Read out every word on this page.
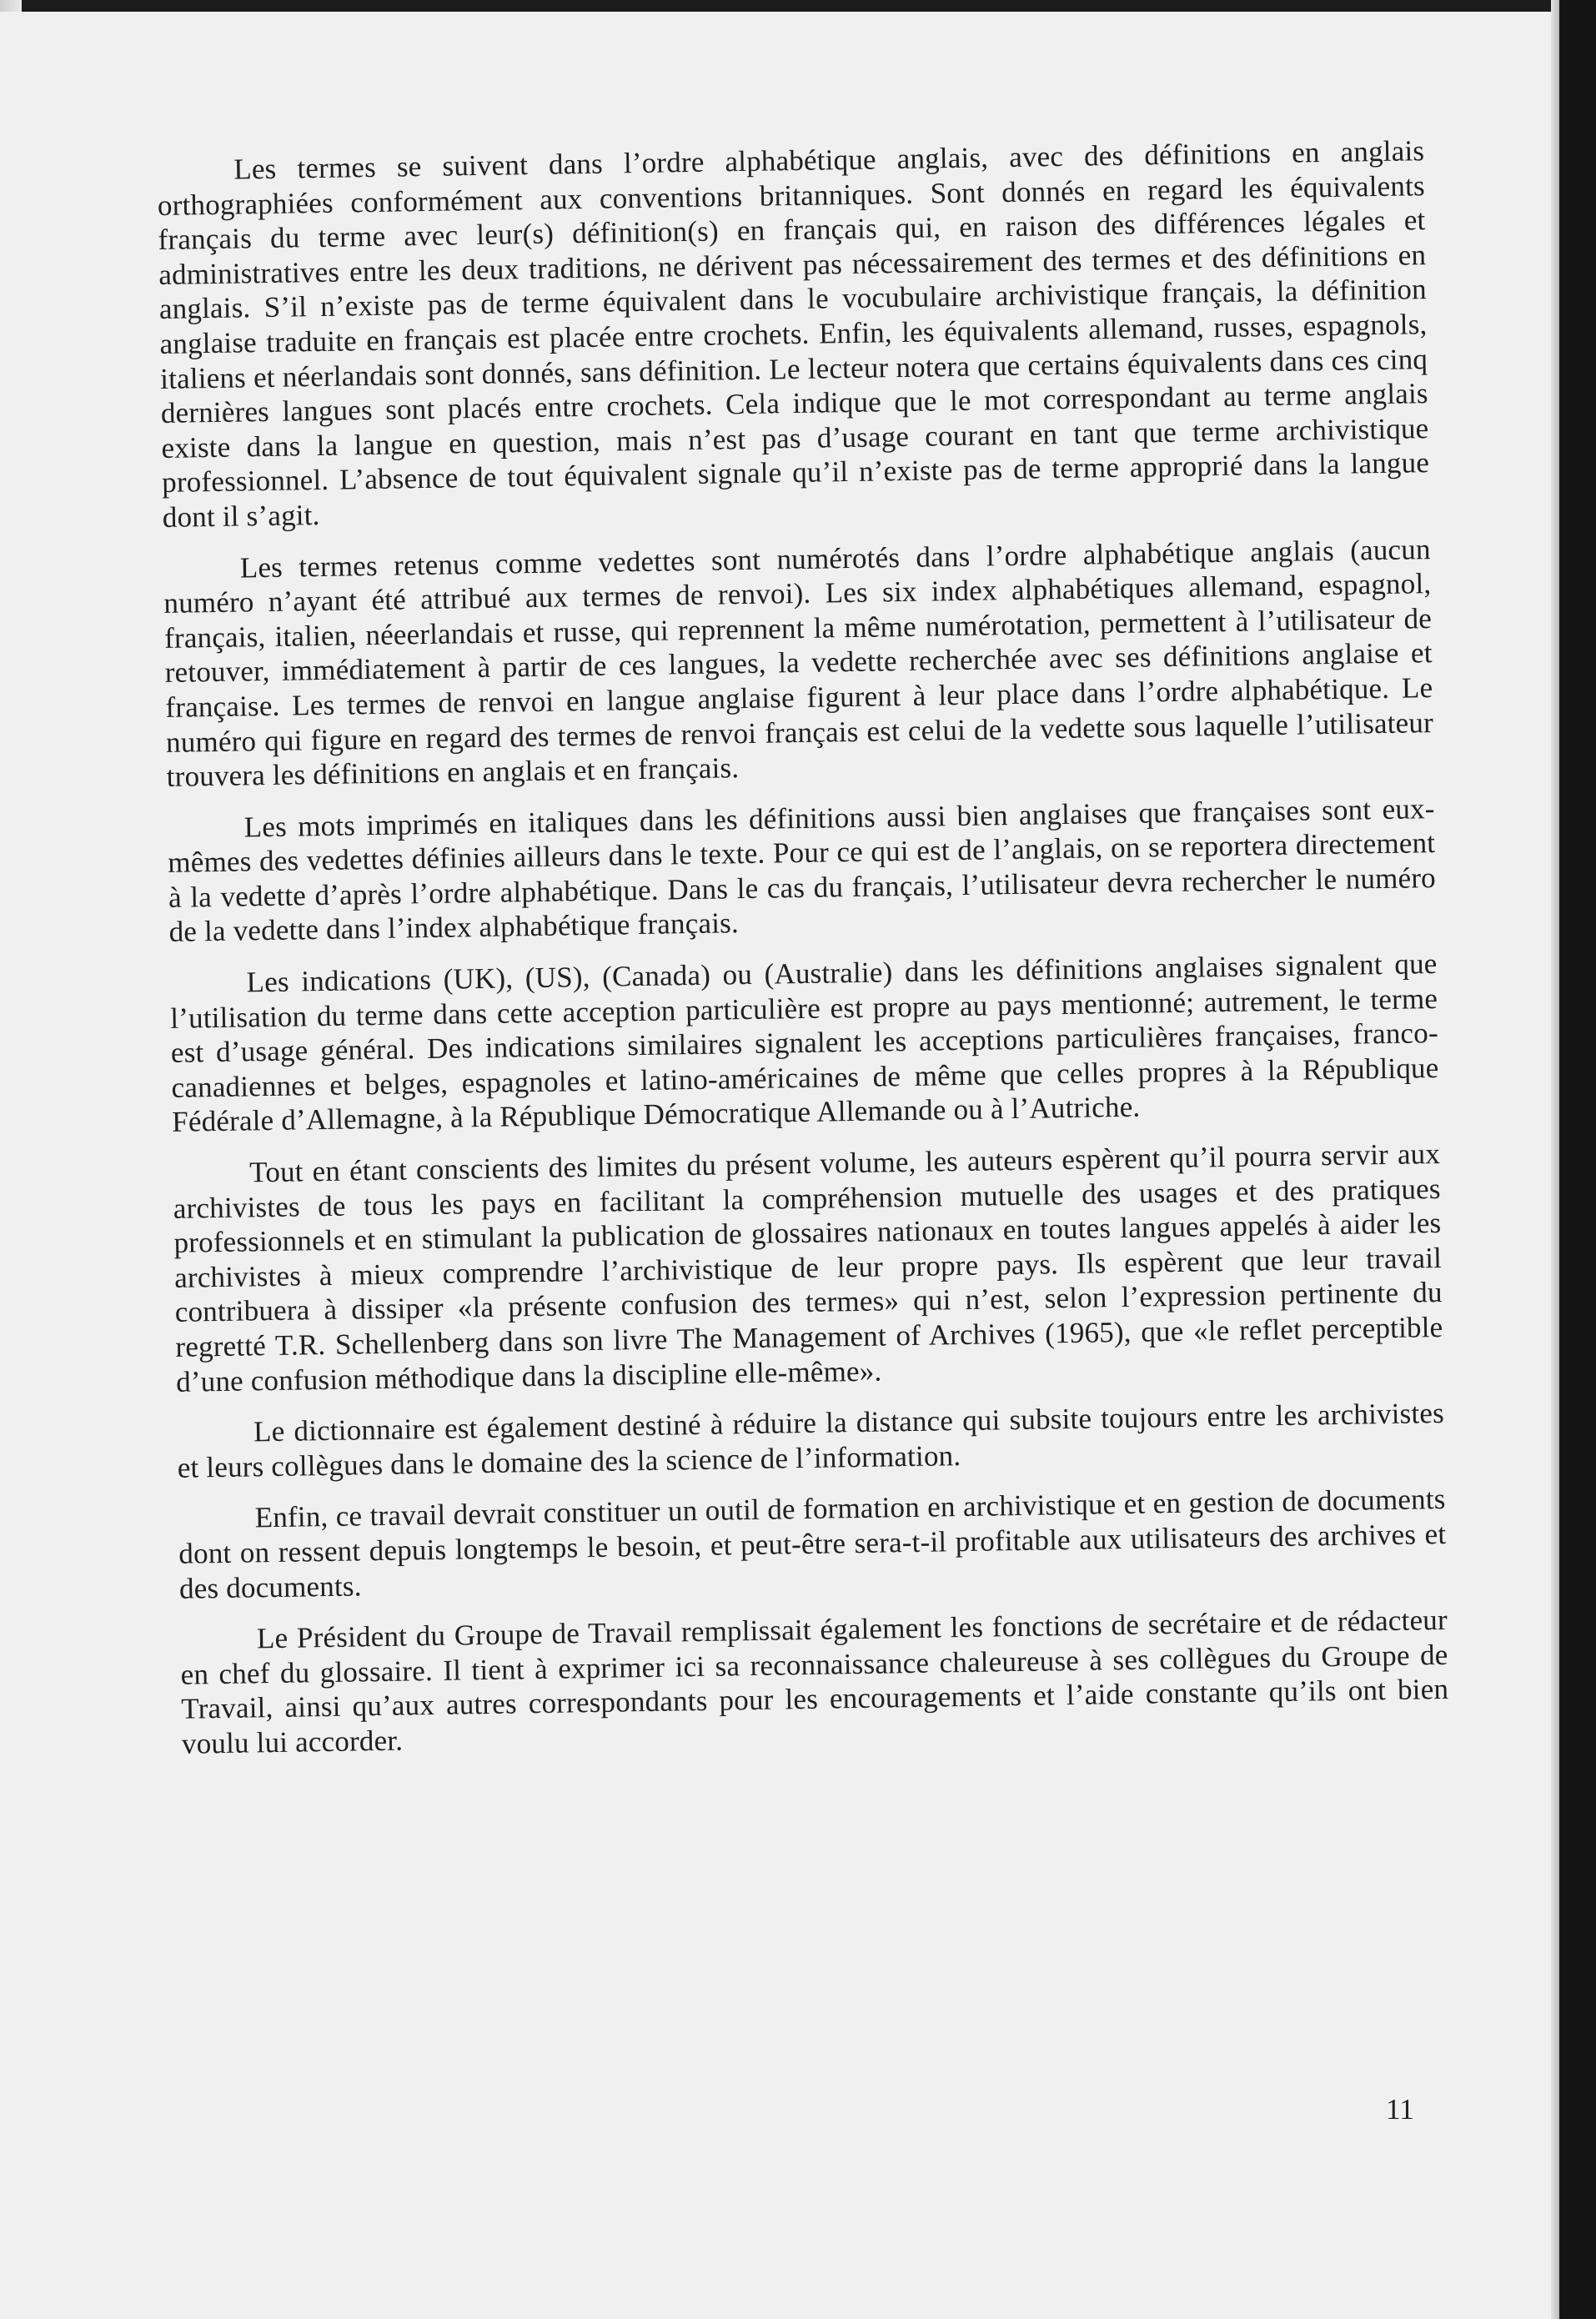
Les termes se suivent dans l’ordre alphabétique anglais, avec des définitions en anglais orthographiées conformément aux conventions britanniques. Sont donnés en regard les équivalents français du terme avec leur(s) définition(s) en français qui, en raison des différences légales et administratives entre les deux traditions, ne dérivent pas nécessairement des termes et des définitions en anglais. S’il n’existe pas de terme équivalent dans le vocubulaire archivistique français, la définition anglaise traduite en français est placée entre crochets. Enfin, les équivalents allemand, russes, espagnols, italiens et néerlandais sont donnés, sans définition. Le lecteur notera que certains équivalents dans ces cinq dernières langues sont placés entre crochets. Cela indique que le mot correspondant au terme anglais existe dans la langue en question, mais n’est pas d’usage courant en tant que terme archivistique professionnel. L’absence de tout équivalent signale qu’il n’existe pas de terme approprié dans la langue dont il s’agit.

Les termes retenus comme vedettes sont numérotés dans l’ordre alphabétique anglais (aucun numéro n’ayant été attribué aux termes de renvoi). Les six index alphabétiques allemand, espagnol, français, italien, néeerlandais et russe, qui reprennent la même numérotation, permettent à l’utilisateur de retouver, immédiatement à partir de ces langues, la vedette recherchée avec ses définitions anglaise et française. Les termes de renvoi en langue anglaise figurent à leur place dans l’ordre alphabétique. Le numéro qui figure en regard des termes de renvoi français est celui de la vedette sous laquelle l’utilisateur trouvera les définitions en anglais et en français.

Les mots imprimés en italiques dans les définitions aussi bien anglaises que françaises sont eux-mêmes des vedettes définies ailleurs dans le texte. Pour ce qui est de l’anglais, on se reportera directement à la vedette d’après l’ordre alphabétique. Dans le cas du français, l’utilisateur devra rechercher le numéro de la vedette dans l’index alphabétique français.

Les indications (UK), (US), (Canada) ou (Australie) dans les définitions anglaises signalent que l’utilisation du terme dans cette acception particulière est propre au pays mentionné; autrement, le terme est d’usage général. Des indications similaires signalent les acceptions particulières françaises, franco-canadiennes et belges, espagnoles et latino-américaines de même que celles propres à la République Fédérale d’Allemagne, à la République Démocratique Allemande ou à l’Autriche.

Tout en étant conscients des limites du présent volume, les auteurs espèrent qu’il pourra servir aux archivistes de tous les pays en facilitant la compréhension mutuelle des usages et des pratiques professionnels et en stimulant la publication de glossaires nationaux en toutes langues appelés à aider les archivistes à mieux comprendre l’archivistique de leur propre pays. Ils espèrent que leur travail contribuera à dissiper «la présente confusion des termes» qui n’est, selon l’expression pertinente du regretté T.R. Schellenberg dans son livre The Management of Archives (1965), que «le reflet perceptible d’une confusion méthodique dans la discipline elle-même».

Le dictionnaire est également destiné à réduire la distance qui subsite toujours entre les archivistes et leurs collègues dans le domaine des la science de l’information.

Enfin, ce travail devrait constituer un outil de formation en archivistique et en gestion de documents dont on ressent depuis longtemps le besoin, et peut-être sera-t-il profitable aux utilisateurs des archives et des documents.

Le Président du Groupe de Travail remplissait également les fonctions de secrétaire et de rédacteur en chef du glossaire. Il tient à exprimer ici sa reconnaissance chaleureuse à ses collègues du Groupe de Travail, ainsi qu’aux autres correspondants pour les encouragements et l’aide constante qu’ils ont bien voulu lui accorder.

11
